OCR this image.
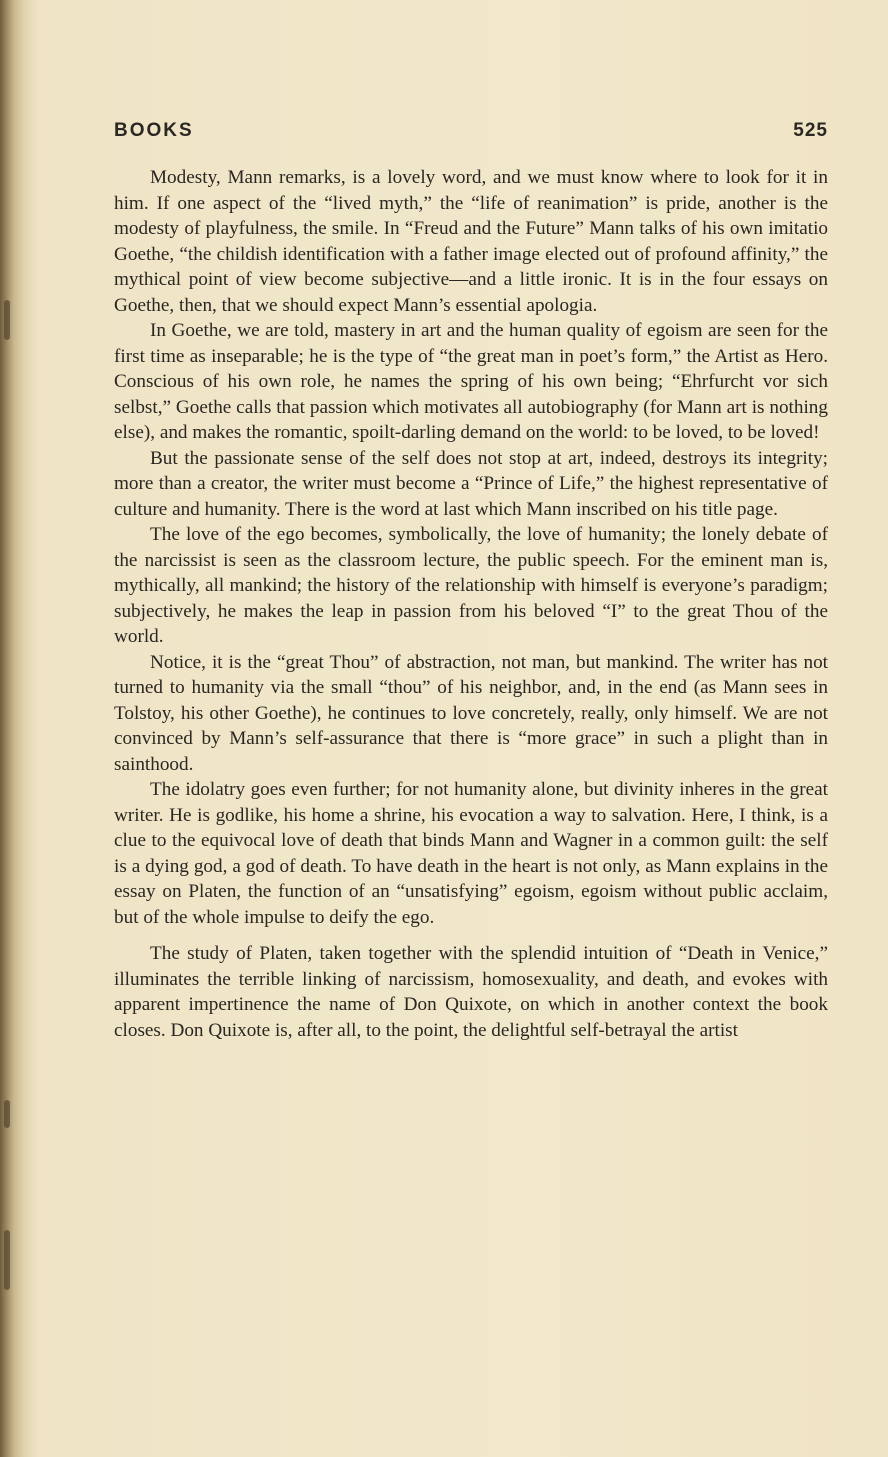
BOOKS	525

Modesty, Mann remarks, is a lovely word, and we must know where to look for it in him. If one aspect of the “lived myth,” the “life of reanimation” is pride, another is the modesty of playfulness, the smile. In “Freud and the Future” Mann talks of his own imitatio Goethe, “the childish identification with a father image elected out of profound affinity,” the mythical point of view become subjective—and a little ironic. It is in the four essays on Goethe, then, that we should expect Mann’s essential apologia.

In Goethe, we are told, mastery in art and the human quality of egoism are seen for the first time as inseparable; he is the type of “the great man in poet’s form,” the Artist as Hero. Conscious of his own role, he names the spring of his own being; “Ehrfurcht vor sich selbst,” Goethe calls that passion which motivates all autobiography (for Mann art is nothing else), and makes the romantic, spoilt-darling demand on the world: to be loved, to be loved!

But the passionate sense of the self does not stop at art, indeed, destroys its integrity; more than a creator, the writer must become a “Prince of Life,” the highest representative of culture and humanity. There is the word at last which Mann inscribed on his title page.

The love of the ego becomes, symbolically, the love of humanity; the lonely debate of the narcissist is seen as the classroom lecture, the public speech. For the eminent man is, mythically, all mankind; the history of the relationship with himself is everyone’s paradigm; subjectively, he makes the leap in passion from his beloved “I” to the great Thou of the world.

Notice, it is the “great Thou” of abstraction, not man, but mankind. The writer has not turned to humanity via the small “thou” of his neighbor, and, in the end (as Mann sees in Tolstoy, his other Goethe), he continues to love concretely, really, only himself. We are not convinced by Mann’s self-assurance that there is “more grace” in such a plight than in sainthood.

The idolatry goes even further; for not humanity alone, but divinity inheres in the great writer. He is godlike, his home a shrine, his evocation a way to salvation. Here, I think, is a clue to the equivocal love of death that binds Mann and Wagner in a common guilt: the self is a dying god, a god of death. To have death in the heart is not only, as Mann explains in the essay on Platen, the function of an “unsatisfying” egoism, egoism without public acclaim, but of the whole impulse to deify the ego.

The study of Platen, taken together with the splendid intuition of “Death in Venice,” illuminates the terrible linking of narcissism, homosexuality, and death, and evokes with apparent impertinence the name of Don Quixote, on which in another context the book closes. Don Quixote is, after all, to the point, the delightful self-betrayal the artist
